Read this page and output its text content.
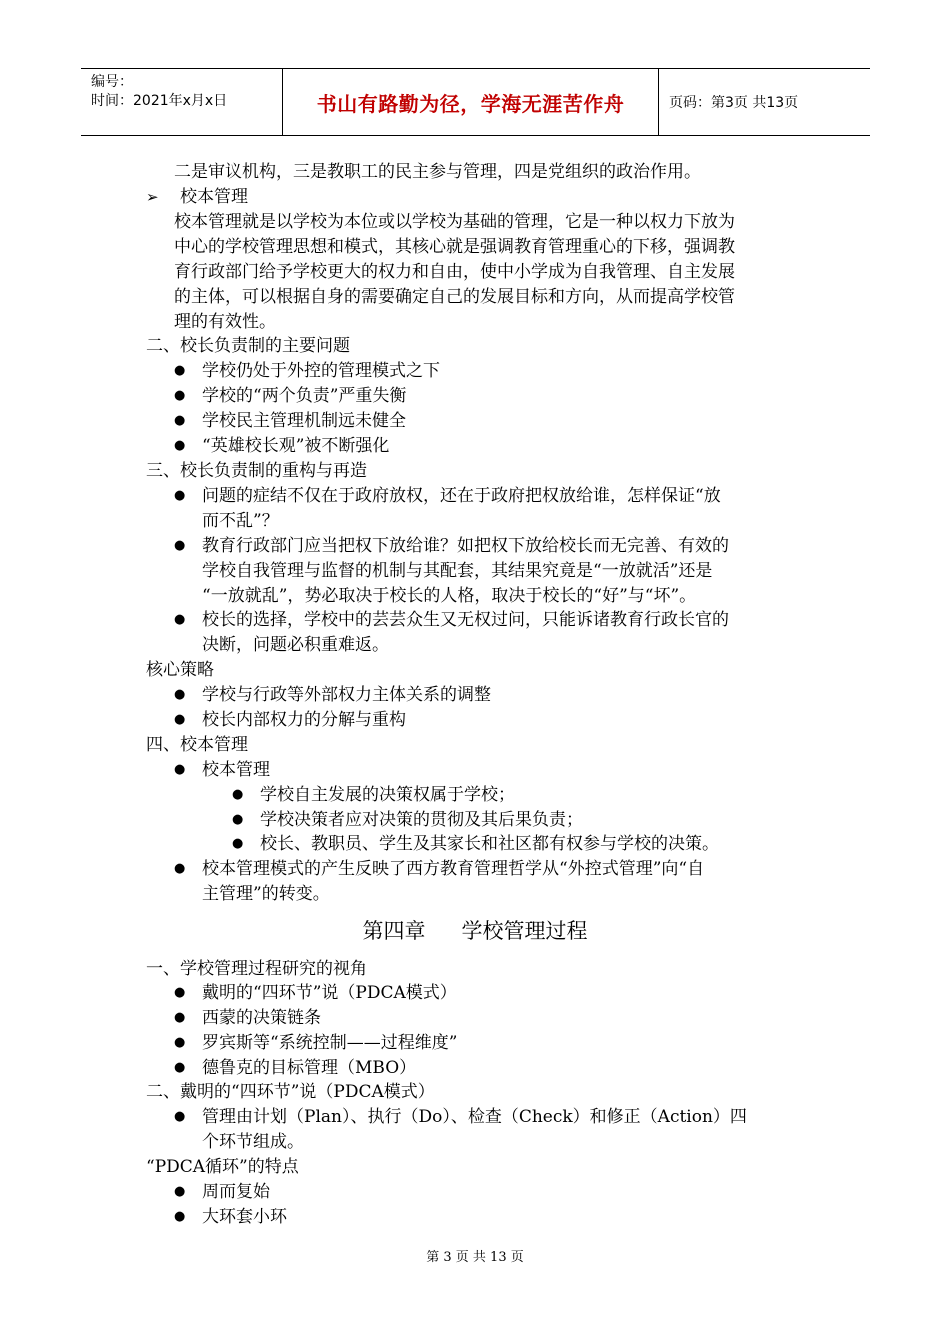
编号：
时间：2021年x月x日	书山有路勤为径，学海无涯苦作舟	页码：第3页 共13页
二是审议机构，三是教职工的民主参与管理，四是党组织的政治作用。
➢ 校本管理
校本管理就是以学校为本位或以学校为基础的管理，它是一种以权力下放为
中心的学校管理思想和模式，其核心就是强调教育管理重心的下移，强调教
育行政部门给予学校更大的权力和自由，使中小学成为自我管理、自主发展
的主体，可以根据自身的需要确定自己的发展目标和方向，从而提高学校管
理的有效性。
二、校长负责制的主要问题
● 学校仍处于外控的管理模式之下
● 学校的“两个负责”严重失衡
● 学校民主管理机制远未健全
● “英雄校长观”被不断强化
三、校长负责制的重构与再造
● 问题的症结不仅在于政府放权，还在于政府把权放给谁，怎样保证“放
而不乱”？
● 教育行政部门应当把权下放给谁？如把权下放给校长而无完善、有效的
学校自我管理与监督的机制与其配套，其结果究竟是“一放就活”还是
“一放就乱”，势必取决于校长的人格，取决于校长的“好”与“坏”。
● 校长的选择，学校中的芸芸众生又无权过问，只能诉诸教育行政长官的
决断，问题必积重难返。
核心策略
● 学校与行政等外部权力主体关系的调整
● 校长内部权力的分解与重构
四、校本管理
● 校本管理
● 学校自主发展的决策权属于学校；
● 学校决策者应对决策的贯彻及其后果负责；
● 校长、教职员、学生及其家长和社区都有权参与学校的决策。
● 校本管理模式的产生反映了西方教育管理哲学从“外控式管理”向“自
主管理”的转变。
第四章 学校管理过程
一、学校管理过程研究的视角
● 戴明的“四环节”说（PDCA模式）
● 西蒙的决策链条
● 罗宾斯等“系统控制——过程维度”
● 德鲁克的目标管理（MBO）
二、戴明的“四环节”说（PDCA模式）
● 管理由计划（Plan）、执行（Do）、检查（Check）和修正（Action）四
个环节组成。
“PDCA循环”的特点
● 周而复始
● 大环套小环
第 3 页 共 13 页
